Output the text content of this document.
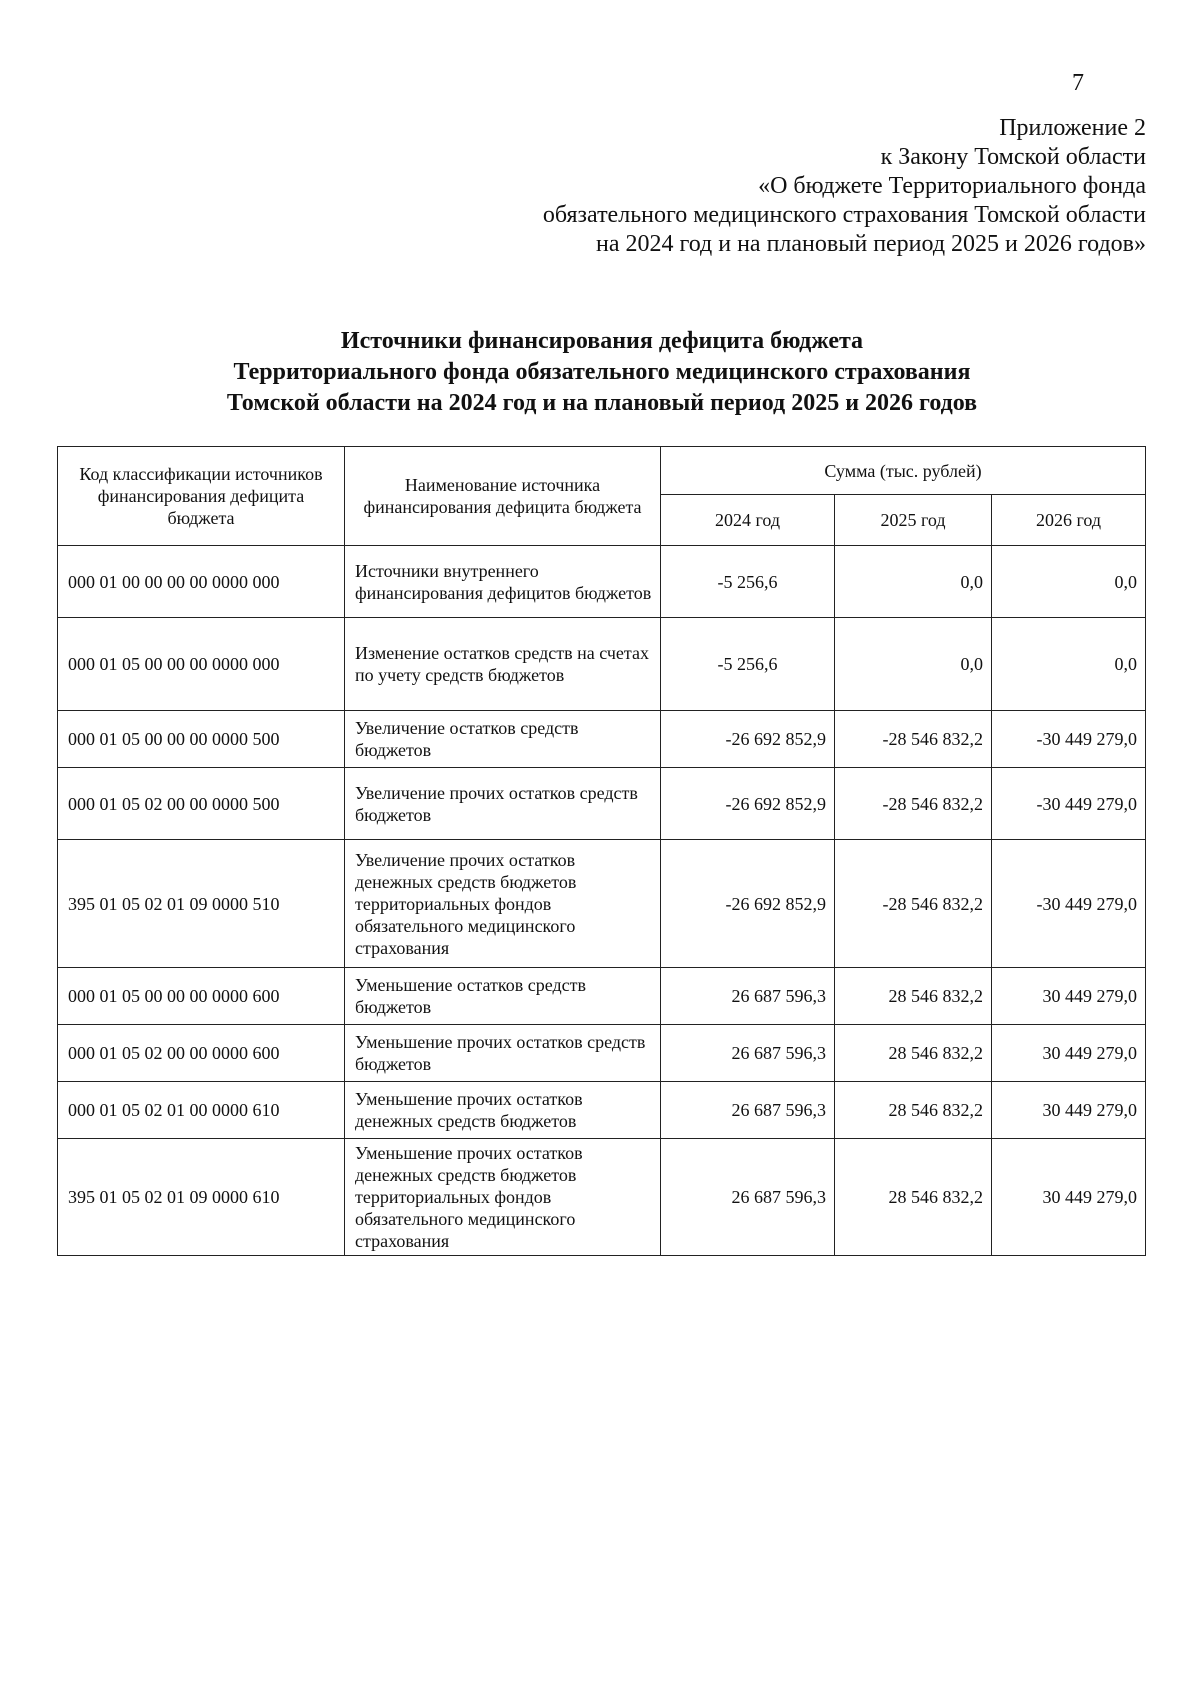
7
Приложение 2
к Закону Томской области
«О бюджете Территориального фонда
обязательного медицинского страхования Томской области
на 2024 год и на плановый период 2025 и 2026 годов»
Источники финансирования дефицита бюджета
Территориального фонда обязательного медицинского страхования
Томской области на 2024 год и на плановый период 2025 и 2026 годов
Код классификации источников финансирования дефицита бюджета	Наименование источника финансирования дефицита бюджета	Сумма (тыс. рублей)		
		2024 год	2025 год	2026 год
000 01 00 00 00 00 0000 000	Источники внутреннего финансирования дефицитов бюджетов	-5 256,6	0,0	0,0
000 01 05 00 00 00 0000 000	Изменение остатков средств на счетах по учету средств бюджетов	-5 256,6	0,0	0,0
000 01 05 00 00 00 0000 500	Увеличение остатков средств бюджетов	-26 692 852,9	-28 546 832,2	-30 449 279,0
000 01 05 02 00 00 0000 500	Увеличение прочих остатков средств бюджетов	-26 692 852,9	-28 546 832,2	-30 449 279,0
395 01 05 02 01 09 0000 510	Увеличение прочих остатков денежных средств бюджетов территориальных фондов обязательного медицинского страхования	-26 692 852,9	-28 546 832,2	-30 449 279,0
000 01 05 00 00 00 0000 600	Уменьшение остатков средств бюджетов	26 687 596,3	28 546 832,2	30 449 279,0
000 01 05 02 00 00 0000 600	Уменьшение прочих остатков средств бюджетов	26 687 596,3	28 546 832,2	30 449 279,0
000 01 05 02 01 00 0000 610	Уменьшение прочих остатков денежных средств бюджетов	26 687 596,3	28 546 832,2	30 449 279,0
395 01 05 02 01 09 0000 610	Уменьшение прочих остатков денежных средств бюджетов территориальных фондов обязательного медицинского страхования	26 687 596,3	28 546 832,2	30 449 279,0
